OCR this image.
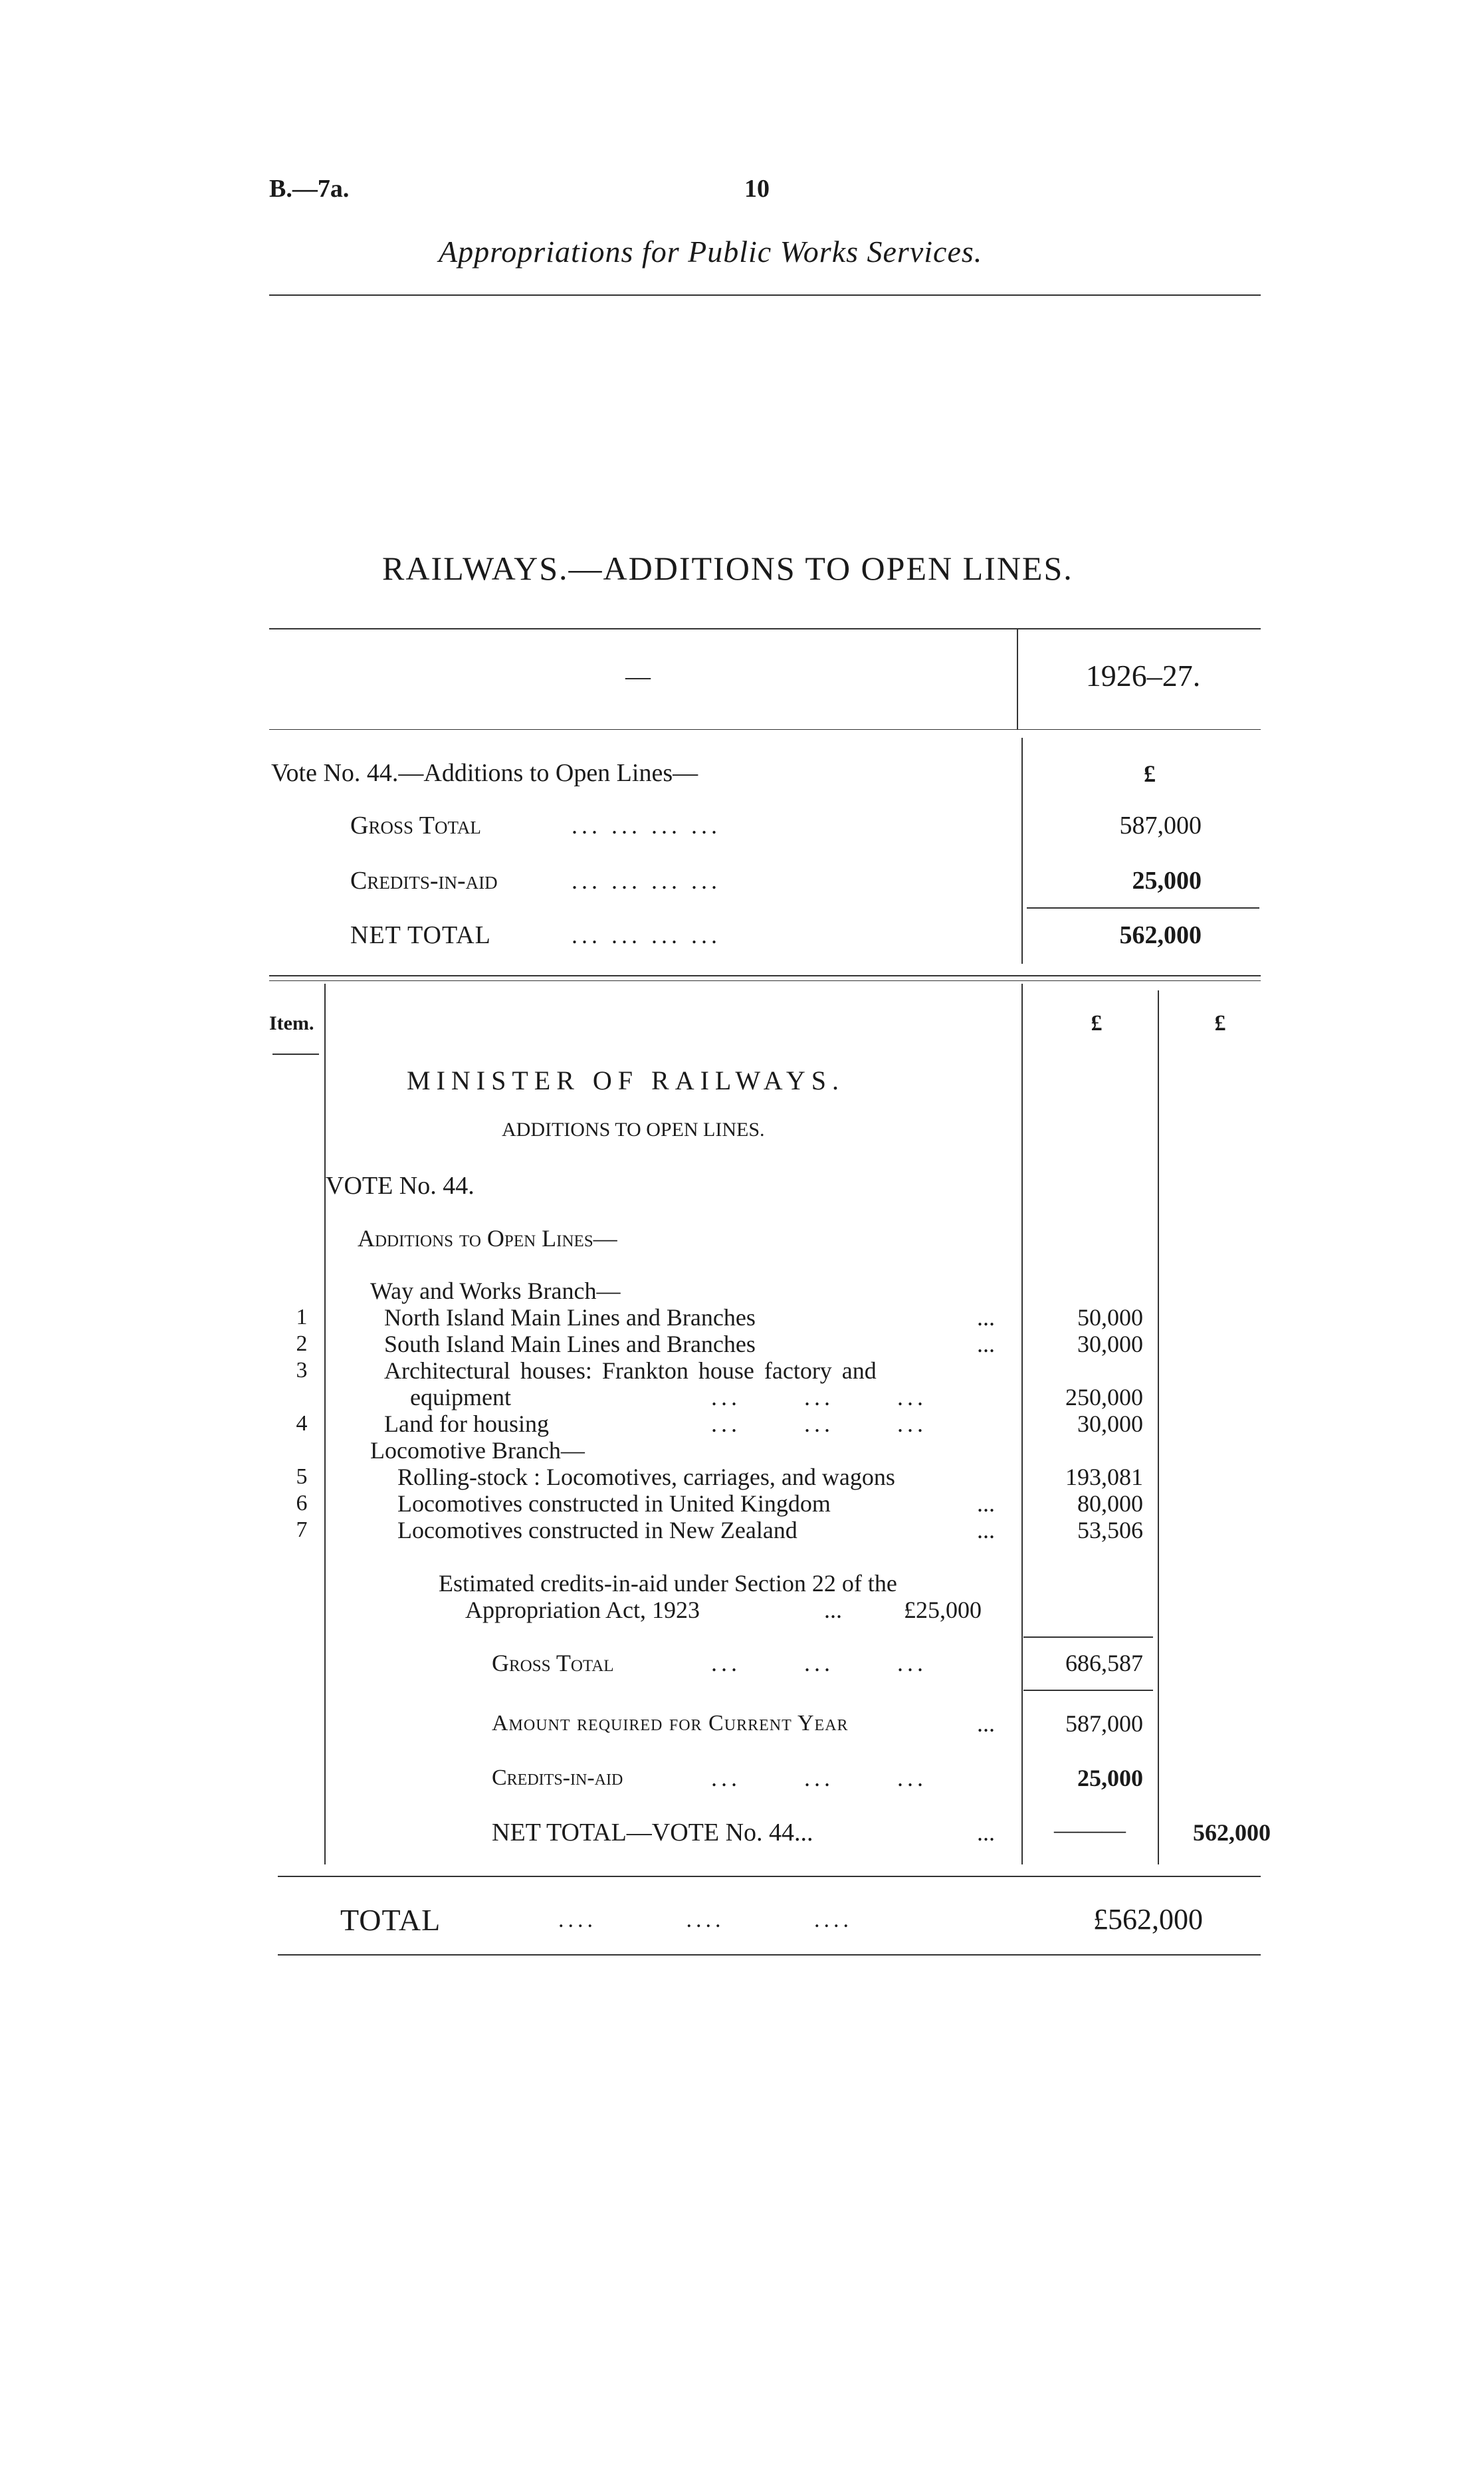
B.—7a.	10
Appropriations for Public Works Services.
RAILWAYS.—ADDITIONS TO OPEN LINES.
—	1926–27.
Vote No. 44.—Additions to Open Lines—	£
Gross Total	... ... ... ...	587,000
Credits-in-aid	... ... ... ...	25,000
NET TOTAL	... ... ... ...	562,000
Item.	£	£
MINISTER OF RAILWAYS.
ADDITIONS TO OPEN LINES.
VOTE No. 44.
Additions to Open Lines—
Way and Works Branch—
1	North Island Main Lines and Branches	...	50,000
2	South Island Main Lines and Branches	...	30,000
3	Architectural houses: Frankton house factory and
equipment	... ... ...	250,000
4	Land for housing	... ... ...	30,000
Locomotive Branch—
5	Rolling-stock : Locomotives, carriages, and wagons	193,081
6	Locomotives constructed in United Kingdom	...	80,000
7	Locomotives constructed in New Zealand	...	53,506
Estimated credits-in-aid under Section 22 of the
Appropriation Act, 1923	...	£25,000
Gross Total	... ... ...	686,587
Amount required for Current Year	...	587,000
Credits-in-aid	... ... ...	25,000
NET TOTAL—VOTE No. 44...	...	———	562,000
TOTAL	.... .... ....	£562,000
